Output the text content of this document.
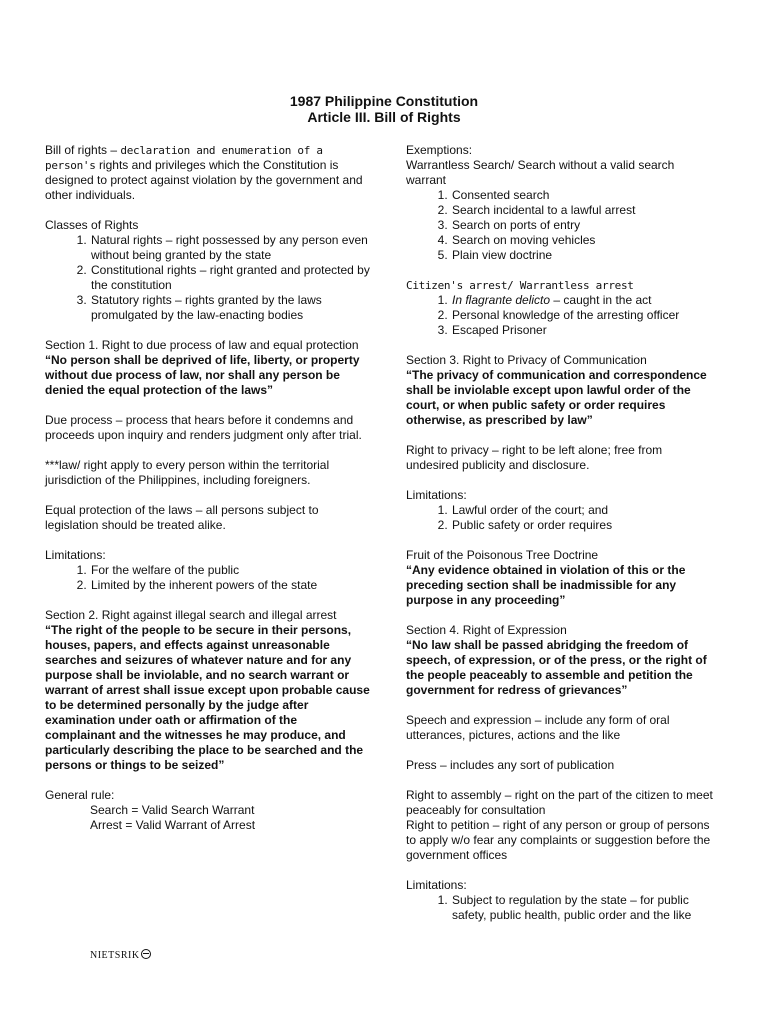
1987 Philippine Constitution
Article III. Bill of Rights

Bill of rights – declaration and enumeration of a person's rights and privileges which the Constitution is designed to protect against violation by the government and other individuals.

Classes of Rights

1. Natural rights – right possessed by any person even without being granted by the state
2. Constitutional rights – right granted and protected by the constitution
3. Statutory rights – rights granted by the laws promulgated by the law-enacting bodies

Section 1. Right to due process of law and equal protection

“No person shall be deprived of life, liberty, or property without due process of law, nor shall any person be denied the equal protection of the laws”

Due process – process that hears before it condemns and proceeds upon inquiry and renders judgment only after trial.

***law/ right apply to every person within the territorial jurisdiction of the Philippines, including foreigners.

Equal protection of the laws – all persons subject to legislation should be treated alike.

Limitations:

1. For the welfare of the public
2. Limited by the inherent powers of the state

Section 2. Right against illegal search and illegal arrest

“The right of the people to be secure in their persons, houses, papers, and effects against unreasonable searches and seizures of whatever nature and for any purpose shall be inviolable, and no search warrant or warrant of arrest shall issue except upon probable cause to be determined personally by the judge after examination under oath or affirmation of the complainant and the witnesses he may produce, and particularly describing the place to be searched and the persons or things to be seized”

General rule:

Search = Valid Search Warrant

Arrest = Valid Warrant of Arrest

Exemptions:

Warrantless Search/ Search without a valid search warrant

1. Consented search
2. Search incidental to a lawful arrest
3. Search on ports of entry
4. Search on moving vehicles
5. Plain view doctrine

Citizen's arrest/ Warrantless arrest

1. In flagrante delicto – caught in the act
2. Personal knowledge of the arresting officer
3. Escaped Prisoner

Section 3. Right to Privacy of Communication

“The privacy of communication and correspondence shall be inviolable except upon lawful order of the court, or when public safety or order requires otherwise, as prescribed by law”

Right to privacy – right to be left alone; free from undesired publicity and disclosure.

Limitations:

1. Lawful order of the court; and
2. Public safety or order requires

Fruit of the Poisonous Tree Doctrine

“Any evidence obtained in violation of this or the preceding section shall be inadmissible for any purpose in any proceeding”

Section 4. Right of Expression

“No law shall be passed abridging the freedom of speech, of expression, or of the press, or the right of the people peaceably to assemble and petition the government for redress of grievances”

Speech and expression – include any form of oral utterances, pictures, actions and the like

Press – includes any sort of publication

Right to assembly – right on the part of the citizen to meet peaceably for consultation

Right to petition – right of any person or group of persons to apply w/o fear any complaints or suggestion before the government offices

Limitations:

1. Subject to regulation by the state – for public safety, public health, public order and the like
NIETSRIK
